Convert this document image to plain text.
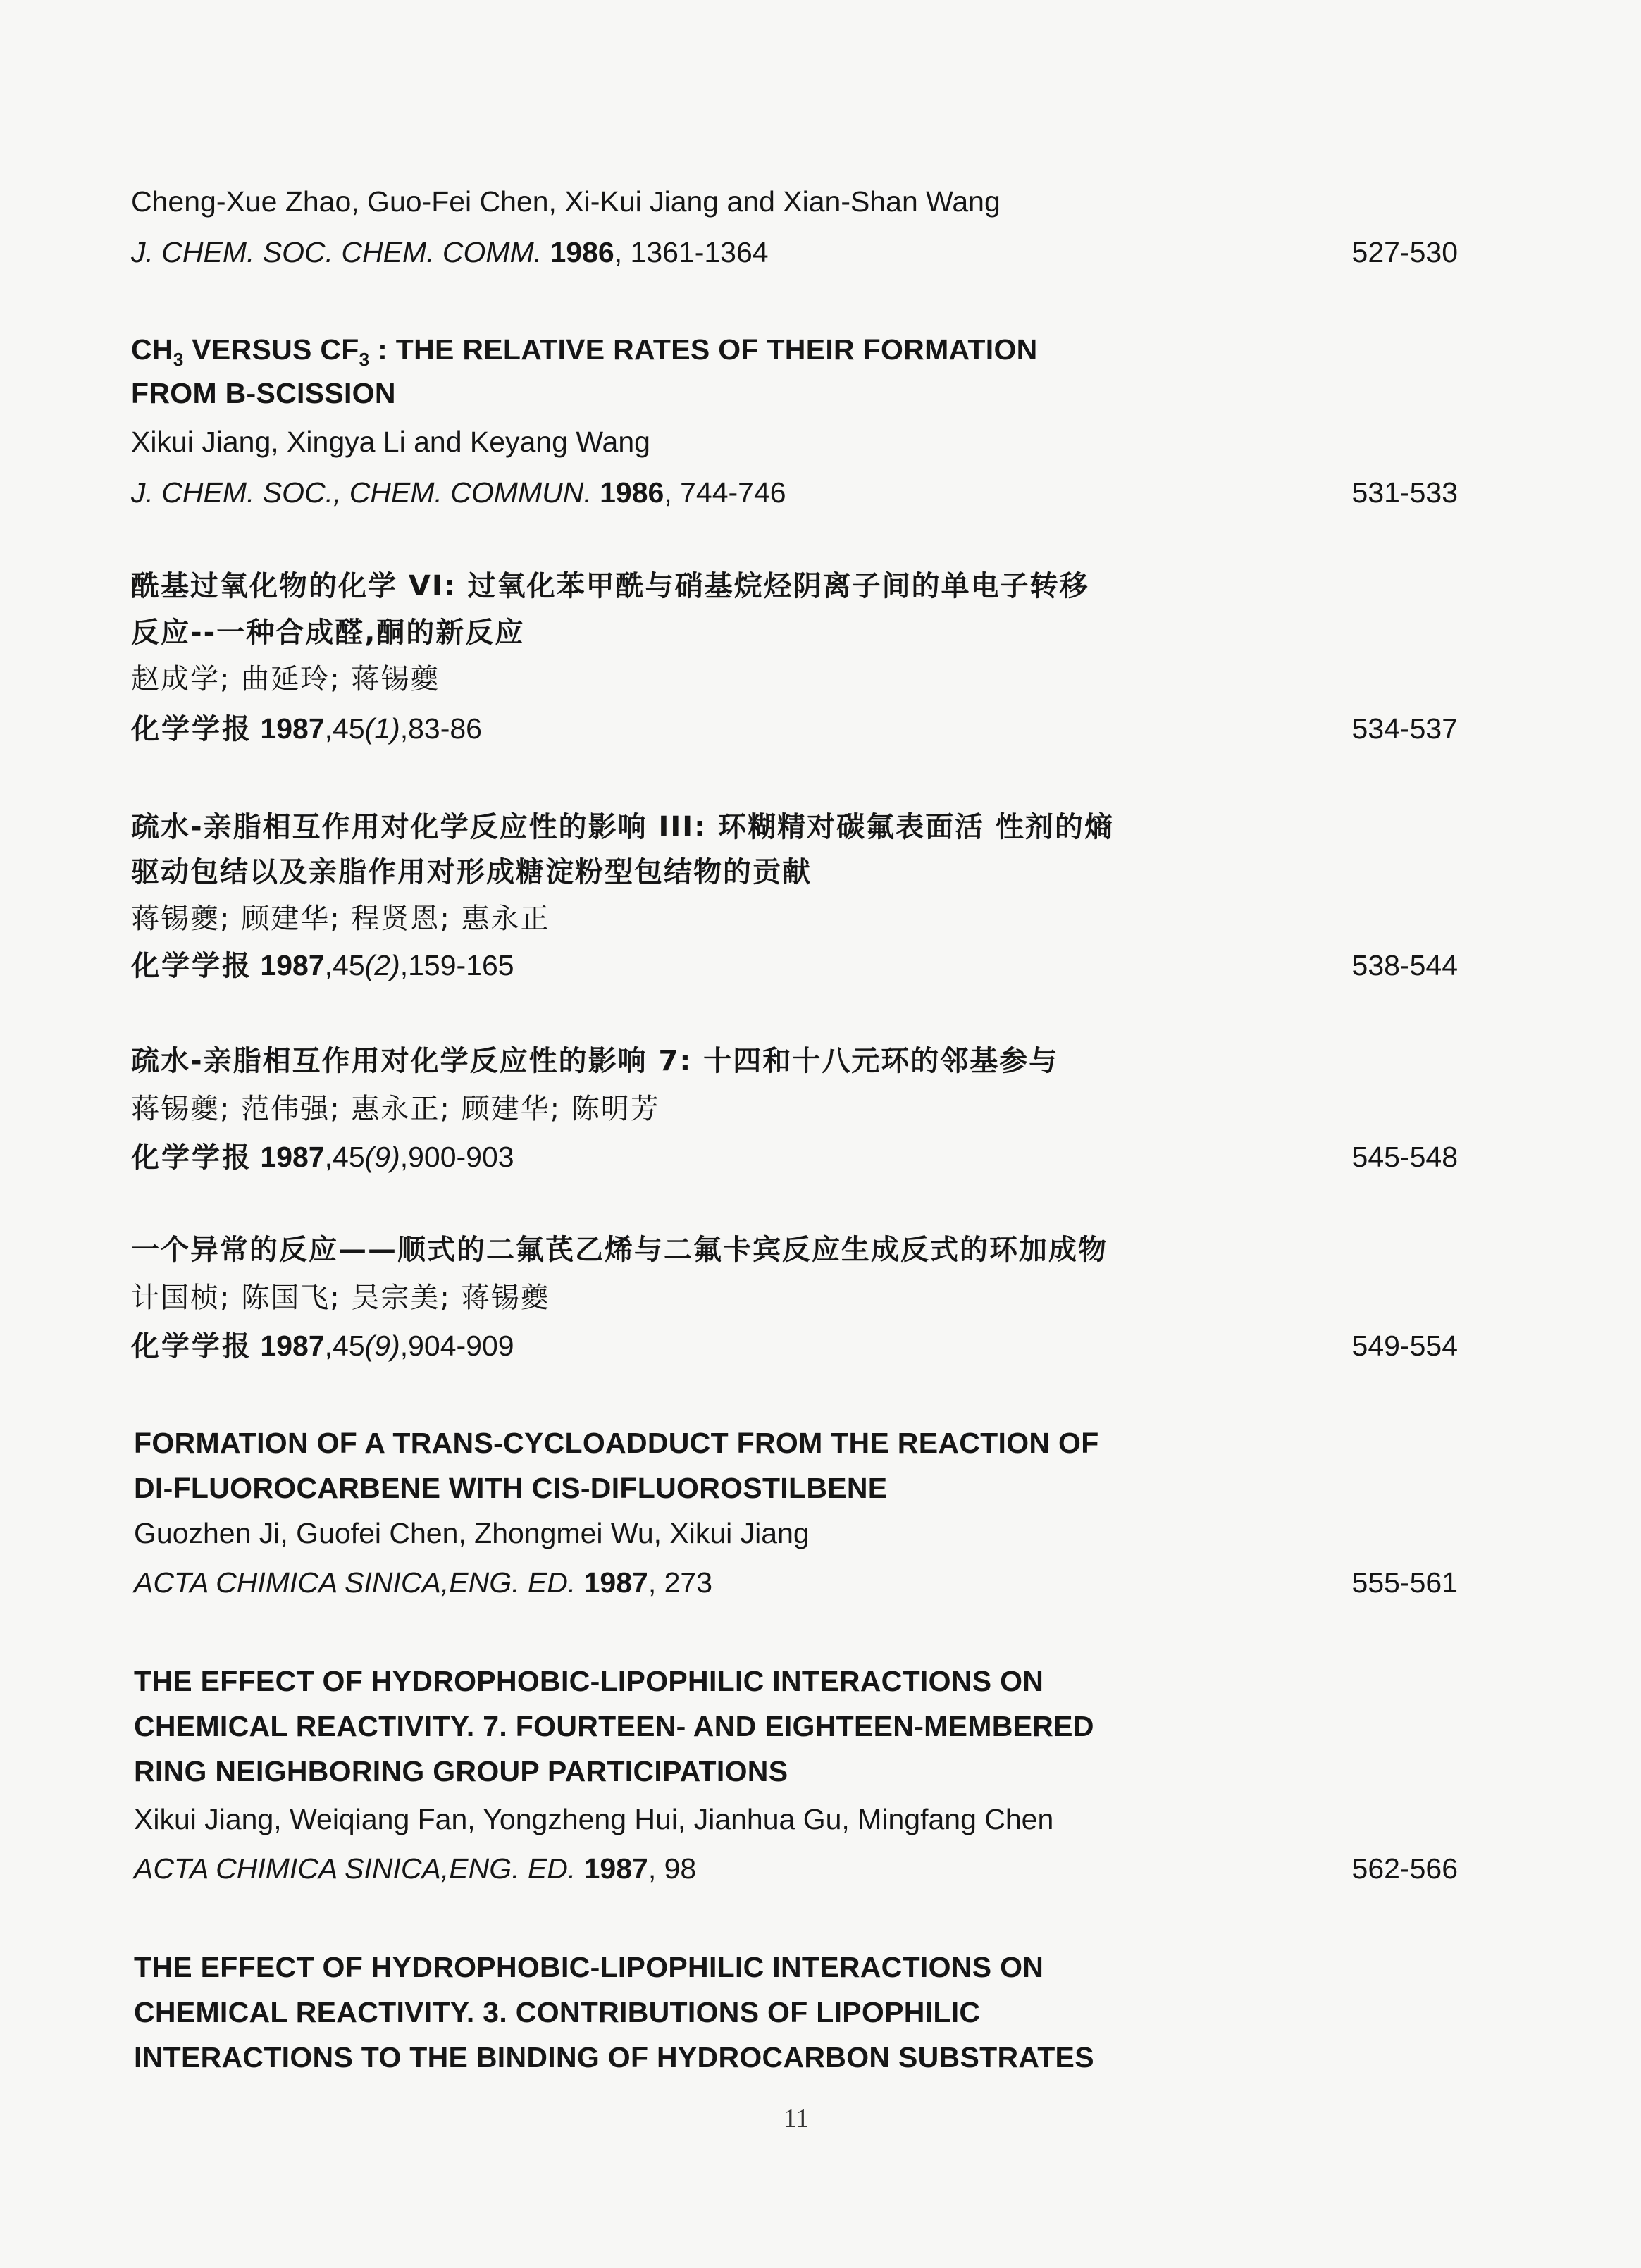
Cheng-Xue Zhao, Guo-Fei Chen, Xi-Kui Jiang and Xian-Shan Wang
J. CHEM. SOC. CHEM. COMM. 1986, 1361-1364	527-530
$CH_3$ VERSUS $CF_3$ : THE RELATIVE RATES OF THEIR FORMATION
FROM B-SCISSION
Xikui Jiang, Xingya Li and Keyang Wang
J. CHEM. SOC., CHEM. COMMUN. 1986, 744-746	531-533
酰基过氧化物的化学 VI: 过氧化苯甲酰与硝基烷烃阴离子间的单电子转移
反应--一种合成醛,酮的新反应
赵成学; 曲延玲; 蒋锡夔
化学学报 1987,45(1),83-86	534-537
疏水-亲脂相互作用对化学反应性的影响 III: 环糊精对碳氟表面活 性剂的熵
驱动包结以及亲脂作用对形成糖淀粉型包结物的贡献
蒋锡夔; 顾建华; 程贤恩; 惠永正
化学学报 1987,45(2),159-165	538-544
疏水-亲脂相互作用对化学反应性的影响 7: 十四和十八元环的邻基参与
蒋锡夔; 范伟强; 惠永正; 顾建华; 陈明芳
化学学报 1987,45(9),900-903	545-548
一个异常的反应——顺式的二氟芪乙烯与二氟卡宾反应生成反式的环加成物
计国桢; 陈国飞; 吴宗美; 蒋锡夔
化学学报 1987,45(9),904-909	549-554
FORMATION OF A TRANS-CYCLOADDUCT FROM THE REACTION OF
DI-FLUOROCARBENE WITH CIS-DIFLUOROSTILBENE
Guozhen Ji, Guofei Chen, Zhongmei Wu, Xikui Jiang
ACTA CHIMICA SINICA,ENG. ED. 1987, 273	555-561
THE EFFECT OF HYDROPHOBIC-LIPOPHILIC INTERACTIONS ON
CHEMICAL REACTIVITY. 7. FOURTEEN- AND EIGHTEEN-MEMBERED
RING NEIGHBORING GROUP PARTICIPATIONS
Xikui Jiang, Weiqiang Fan, Yongzheng Hui, Jianhua Gu, Mingfang Chen
ACTA CHIMICA SINICA,ENG. ED. 1987, 98	562-566
THE EFFECT OF HYDROPHOBIC-LIPOPHILIC INTERACTIONS ON
CHEMICAL REACTIVITY. 3. CONTRIBUTIONS OF LIPOPHILIC
INTERACTIONS TO THE BINDING OF HYDROCARBON SUBSTRATES
11
